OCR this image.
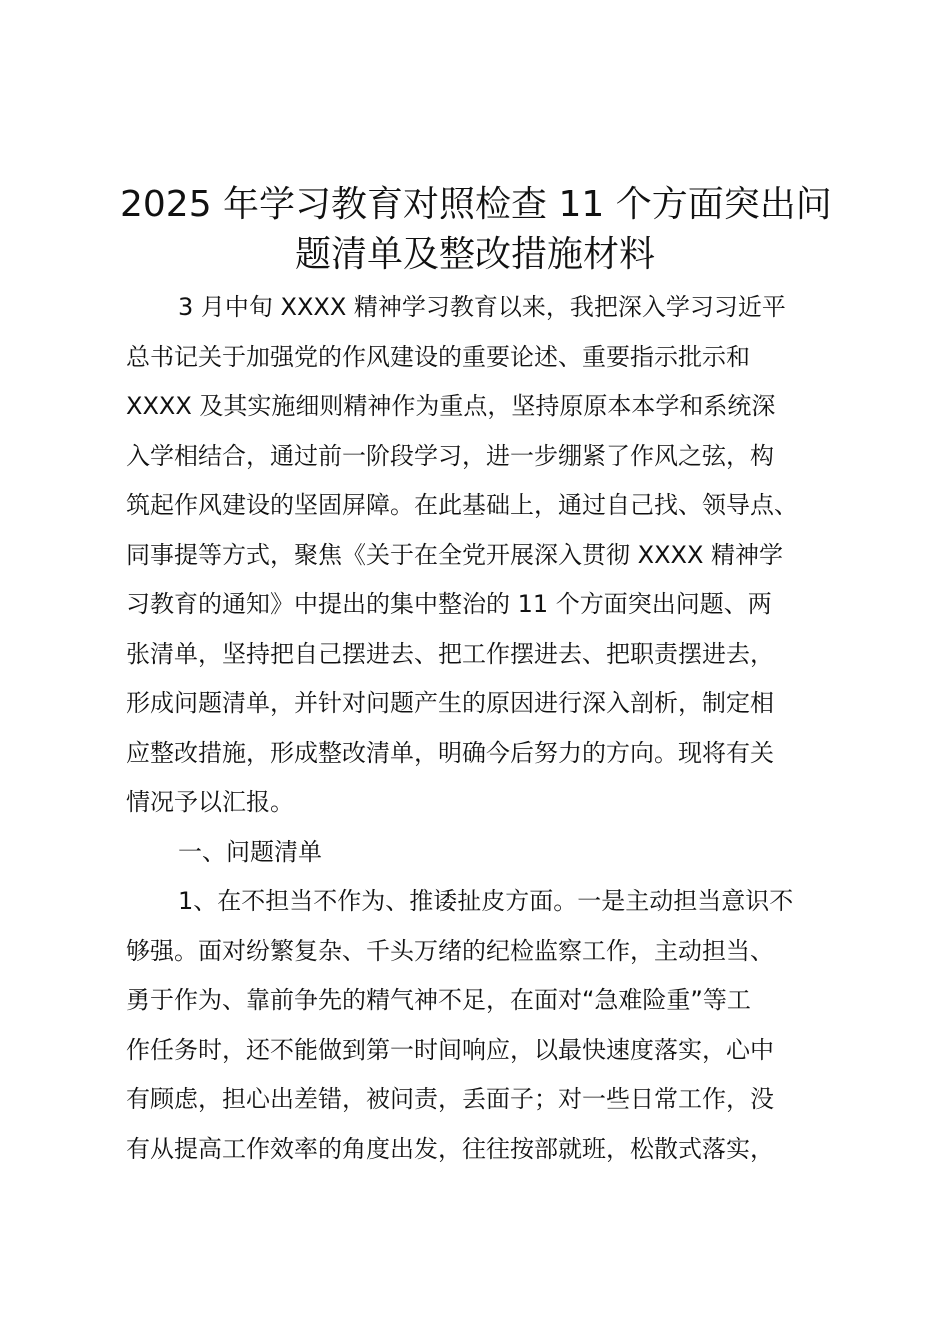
2025 年学习教育对照检查 11 个方面突出问
题清单及整改措施材料
3 月中旬 XXXX 精神学习教育以来，我把深入学习习近平
总书记关于加强党的作风建设的重要论述、重要指示批示和
XXXX 及其实施细则精神作为重点，坚持原原本本学和系统深
入学相结合，通过前一阶段学习，进一步绷紧了作风之弦，构
筑起作风建设的坚固屏障。在此基础上，通过自己找、领导点、
同事提等方式，聚焦《关于在全党开展深入贯彻 XXXX 精神学
习教育的通知》中提出的集中整治的 11 个方面突出问题、两
张清单，坚持把自己摆进去、把工作摆进去、把职责摆进去，
形成问题清单，并针对问题产生的原因进行深入剖析，制定相
应整改措施，形成整改清单，明确今后努力的方向。现将有关
情况予以汇报。
一、问题清单
1、在不担当不作为、推诿扯皮方面。一是主动担当意识不
够强。面对纷繁复杂、千头万绪的纪检监察工作，主动担当、
勇于作为、靠前争先的精气神不足，在面对“急难险重”等工
作任务时，还不能做到第一时间响应，以最快速度落实，心中
有顾虑，担心出差错，被问责，丢面子；对一些日常工作，没
有从提高工作效率的角度出发，往往按部就班，松散式落实，
